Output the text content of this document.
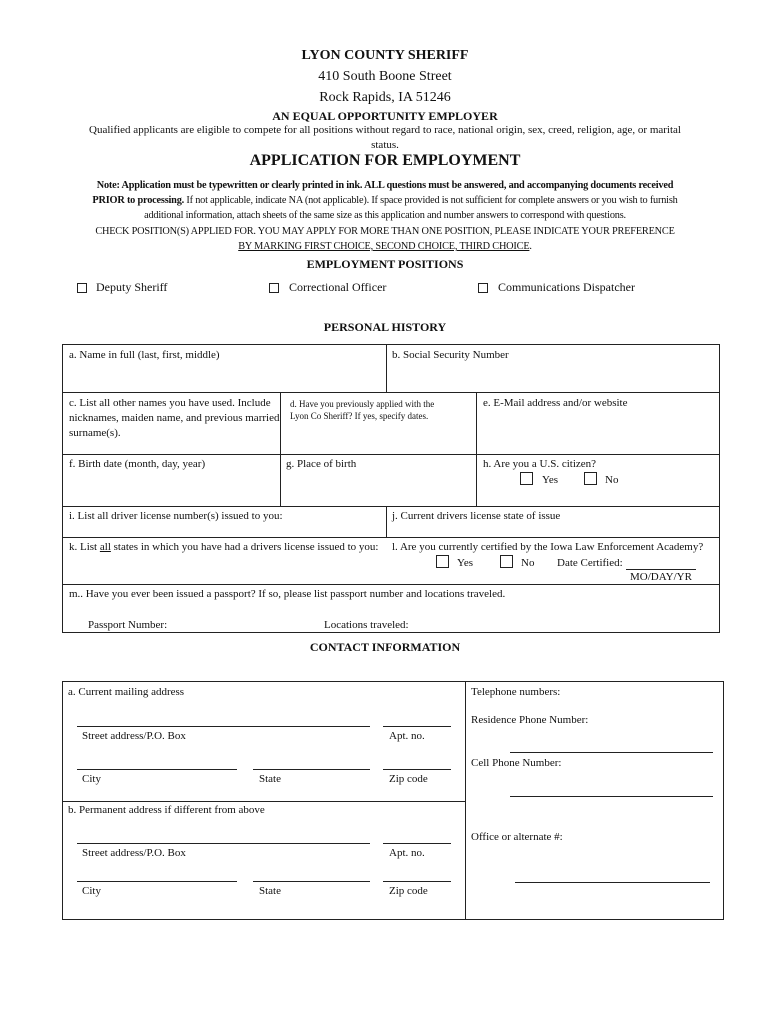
LYON COUNTY SHERIFF
410 South Boone Street
Rock Rapids, IA 51246
AN EQUAL OPPORTUNITY EMPLOYER
Qualified applicants are eligible to compete for all positions without regard to race, national origin, sex, creed, religion, age, or marital
status.
APPLICATION FOR EMPLOYMENT
Note: Application must be typewritten or clearly printed in ink. ALL questions must be answered, and accompanying documents received
PRIOR to processing. If not applicable, indicate NA (not applicable). If space provided is not sufficient for complete answers or you wish to furnish
additional information, attach sheets of the same size as this application and number answers to correspond with questions.
CHECK POSITION(S) APPLIED FOR. YOU MAY APPLY FOR MORE THAN ONE POSITION, PLEASE INDICATE YOUR PREFERENCE
BY MARKING FIRST CHOICE, SECOND CHOICE, THIRD CHOICE.
EMPLOYMENT POSITIONS
Deputy Sheriff	Correctional Officer	Communications Dispatcher
PERSONAL HISTORY
a. Name in full (last, first, middle)	b. Social Security Number
c. List all other names you have used. Include
nicknames, maiden name, and previous married
surname(s).
d. Have you previously applied with the
Lyon Co Sheriff? If yes, specify dates.
e. E-Mail address and/or website
f. Birth date (month, day, year)	g. Place of birth	h. Are you a U.S. citizen?
Yes	No
i. List all driver license number(s) issued to you:	j. Current drivers license state of issue
k. List all states in which you have had a drivers license issued to you: l. Are you currently certified by the Iowa Law Enforcement Academy?
Yes	No Date Certified:
MO/DAY/YR
m.. Have you ever been issued a passport? If so, please list passport number and locations traveled.
Passport Number:	Locations traveled:
CONTACT INFORMATION
a. Current mailing address
Street address/P.O. Box	Apt. no.
City	State	Zip code
b. Permanent address if different from above
Street address/P.O. Box	Apt. no.
City	State	Zip code
Telephone numbers:
Residence Phone Number:
Cell Phone Number:
Office or alternate #:
